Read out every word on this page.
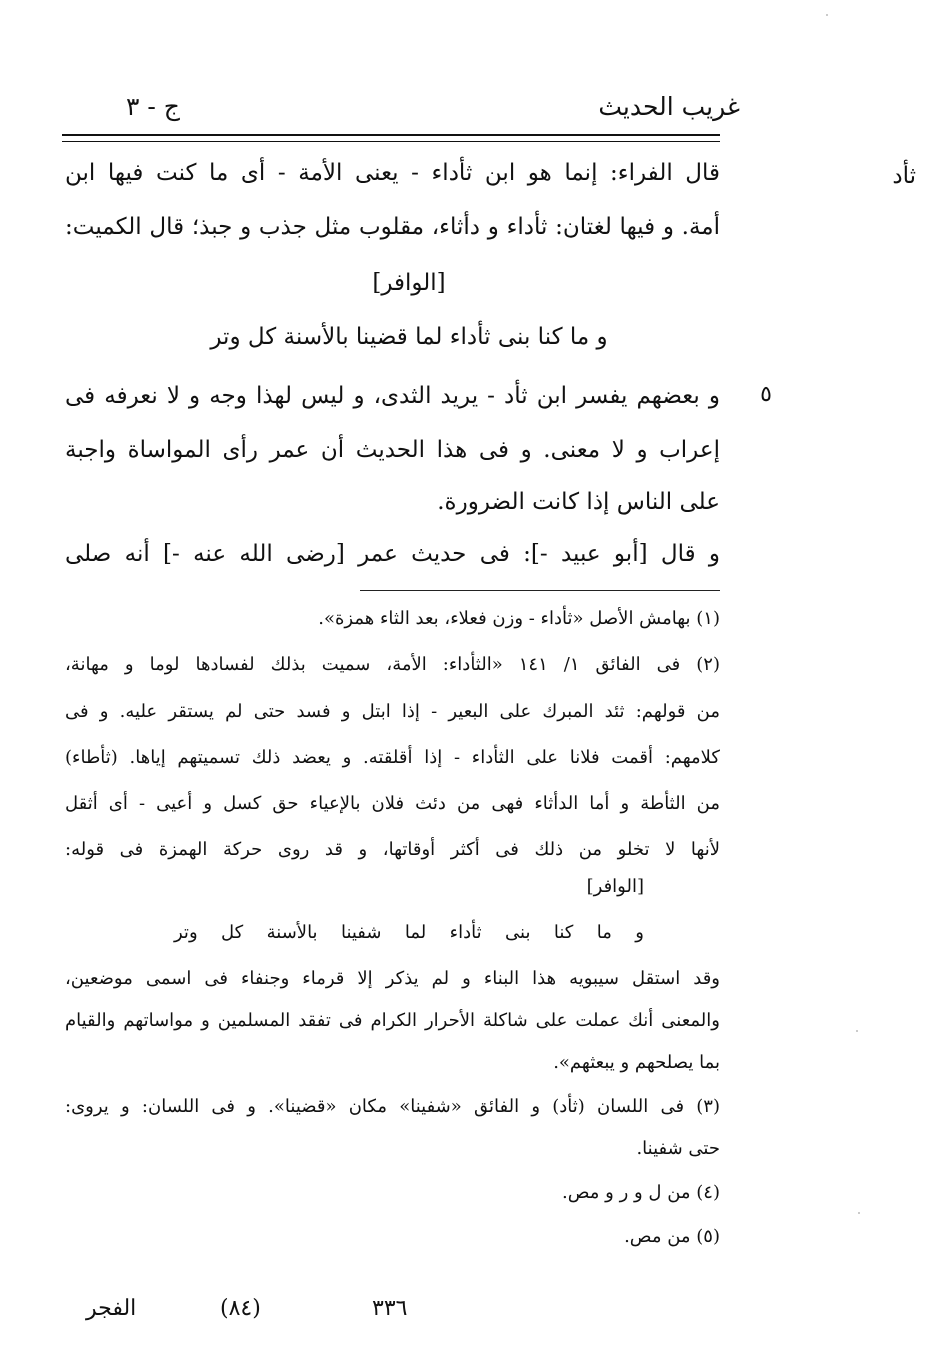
غريب الحديث
ج - ٣
ثأد
٥
قال الفراء: إنما هو ابن ثأداء - يعنى الأمة - أى ما كنت فيها ابن
أمة. و فيها لغتان: ثأداء و دأثاء، مقلوب مثل جذب و جبذ؛ قال الكميت:
[الوافر]
و ما كنا بنى ثأداء لما قضينا بالأسنة كل وتر
و بعضهم يفسر ابن ثأد - يريد الثدى، و ليس لهذا وجه و لا نعرفه فى
إعراب و لا معنى. و فى هذا الحديث أن عمر رأى المواساة واجبة
على الناس إذا كانت الضرورة.
و قال [أبو عبيد -]: فى حديث عمر [رضى الله عنه -] أنه صلى
(١) بهامش الأصل «ثأداء - وزن فعلاء، بعد الثاء همزة».
(٢) فى الفائق ١/ ١٤١ «الثأداء: الأمة، سميت بذلك لفسادها لوما و مهانة،
من قولهم: ثئد المبرك على البعير - إذا ابتل و فسد حتى لم يستقر عليه. و فى
كلامهم: أقمت فلانا على الثأداء - إذا أقلقته. و يعضد ذلك تسميتهم إياها. (ثأطاء)
من الثأطة و أما الدأثاء فهى من دئث فلان بالإعياء حق كسل و أعيى - أى أثقل
لأنها لا تخلو من ذلك فى أكثر أوقاتها، و قد روى حركة الهمزة فى قوله:
[الوافر]
و ما كنا بنى ثأداء لما شفينا بالأسنة كل وتر
وقد استقل سيبويه هذا البناء و لم يذكر إلا قرماء وجنفاء فى اسمى موضعين،
والمعنى أنك عملت على شاكلة الأحرار الكرام فى تفقد المسلمين و مواساتهم والقيام
بما يصلحهم و يبعثهم».
(٣) فى اللسان (ثأد) و الفائق «شفينا» مكان «قضينا». و فى اللسان: و يروى:
حتى شفينا.
(٤) من ل و ر و مص.
(٥) من مص.
٣٣٦
(٨٤)
الفجر
